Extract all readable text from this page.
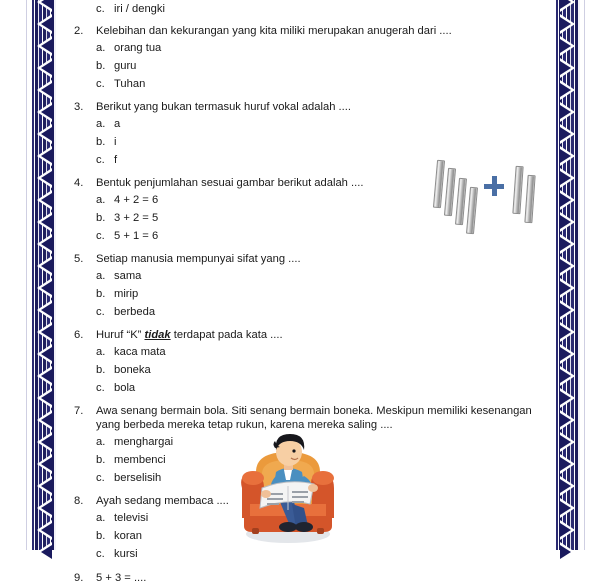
c. iri / dengki
2.	Kelebihan dan kekurangan yang kita miliki merupakan anugerah dari ....
a. orang tua
b. guru
c. Tuhan
3.	Berikut yang bukan termasuk huruf vokal adalah ....
a. a
b. i
c. f
4.	Bentuk penjumlahan sesuai gambar berikut adalah ....
a. 4 + 2 = 6
b. 3 + 2 = 5
c. 5 + 1 = 6
5.	Setiap manusia mempunyai sifat yang ....
a. sama
b. mirip
c. berbeda
6.	Huruf “K” tidak terdapat pada kata ....
a. kaca mata
b. boneka
c. bola
7.	Awa senang bermain bola. Siti senang bermain boneka. Meskipun memiliki kesenangan yang berbeda mereka tetap rukun, karena mereka saling ....
a. menghargai
b. membenci
c. berselisih
8.	Ayah sedang membaca ....
a. televisi
b. koran
c. kursi
9.	5 + 3 = ....
